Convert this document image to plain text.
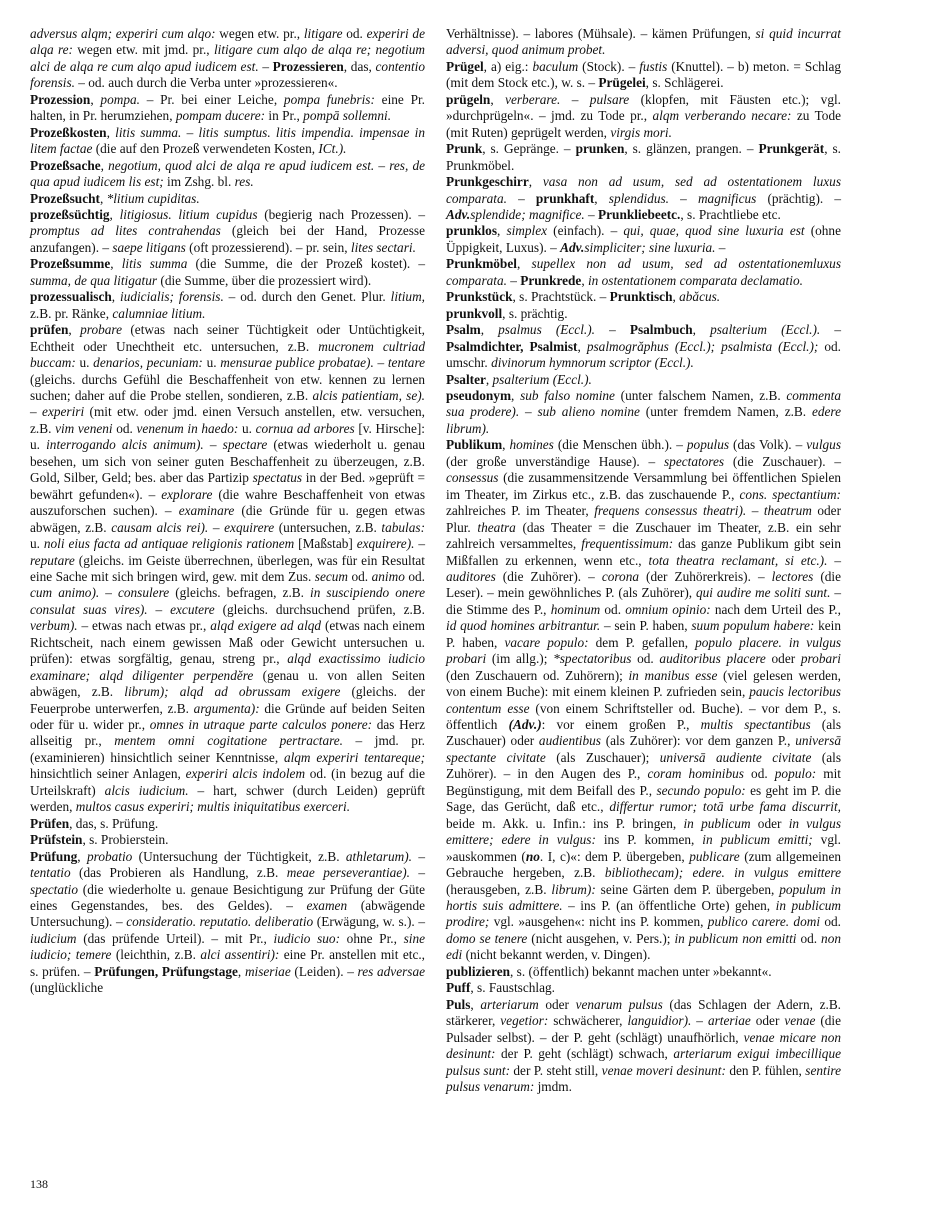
adversus alqm; experiri cum alqo: wegen etw. pr., litigare od. experiri de alqa re: wegen etw. mit jmd. pr., litigare cum alqo de alqa re; negotium alci de alqa re cum alqo apud iudicem est. – Prozessieren, das, contentio forensis. – od. auch durch die Verba unter »prozessieren«.

Prozession, pompa. – Pr. bei einer Leiche, pompa funebris: eine Pr. halten, in Pr. herumziehen, pompam ducere: in Pr., pompā sollemni.

Prozeßkosten, litis summa. – litis sumptus. litis impendia. impensae in litem factae (die auf den Prozeß verwendeten Kosten, ICt.).

Prozeßsache, negotium, quod alci de alqa re apud iudicem est. – res, de qua apud iudicem lis est; im Zshg. bl. res.

Prozeßsucht, *litium cupiditas.

prozeßsüchtig, litigiosus. litium cupidus (begierig nach Prozessen). – promptus ad lites contrahendas (gleich bei der Hand, Prozesse anzufangen). – saepe litigans (oft prozessierend). – pr. sein, lites sectari.

Prozeßsumme, litis summa (die Summe, die der Prozeß kostet). – summa, de qua litigatur (die Summe, über die prozessiert wird).

prozessualisch, iudicialis; forensis. – od. durch den Genet. Plur. litium, z.B. pr. Ränke, calumniae litium.

prüfen, probare (etwas nach seiner Tüchtigkeit oder Untüchtigkeit, Echtheit oder Unechtheit etc. untersuchen, z.B. mucronem cultriad buccam: u. denarios, pecuniam: u. mensurae publice probatae). – tentare (gleichs. durchs Gefühl die Beschaffenheit von etw. kennen zu lernen suchen; daher auf die Probe stellen, sondieren, z.B. alcis patientiam, se). – experiri (mit etw. oder jmd. einen Versuch anstellen, etw. versuchen, z.B. vim veneni od. venenum in haedo: u. cornua ad arbores [v. Hirsche]: u. interrogando alcis animum). – spectare (etwas wiederholt u. genau besehen, um sich von seiner guten Beschaffenheit zu überzeugen, z.B. Gold, Silber, Geld; bes. aber das Partizip spectatus in der Bed. »geprüft = bewährt gefunden«). – explorare (die wahre Beschaffenheit von etwas auszuforschen suchen). – examinare (die Gründe für u. gegen etwas abwägen, z.B. causam alcis rei). – exquirere (untersuchen, z.B. tabulas: u. noli eius facta ad antiquae religionis rationem [Maßstab] exquirere). – reputare (gleichs. im Geiste überrechnen, überlegen, was für ein Resultat eine Sache mit sich bringen wird, gew. mit dem Zus. secum od. animo od. cum animo). – consulere (gleichs. befragen, z.B. in suscipiendo onere consulat suas vires). – excutere (gleichs. durchsuchend prüfen, z.B. verbum). – etwas nach etwas pr., alqd exigere ad alqd (etwas nach einem Richtscheit, nach einem gewissen Maß oder Gewicht untersuchen u. prüfen): etwas sorgfältig, genau, streng pr., alqd exactissimo iudicio examinare; alqd diligenter perpendĕre (genau u. von allen Seiten abwägen, z.B. librum); alqd ad obrussam exigere (gleichs. der Feuerprobe unterwerfen, z.B. argumenta): die Gründe auf beiden Seiten oder für u. wider pr., omnes in utraque parte calculos ponere: das Herz allseitig pr., mentem omni cogitatione pertractare. – jmd. pr. (examinieren) hinsichtlich seiner Kenntnisse, alqm experiri tentareque; hinsichtlich seiner Anlagen, experiri alcis indolem od. (in bezug auf die Urteilskraft) alcis iudicium. – hart, schwer (durch Leiden) geprüft werden, multos casus experiri; multis iniquitatibus exerceri.

Prüfen, das, s. Prüfung.

Prüfstein, s. Probierstein.

Prüfung, probatio (Untersuchung der Tüchtigkeit, z.B. athletarum). – tentatio (das Probieren als Handlung, z.B. meae perseverantiae). – spectatio (die wiederholte u. genaue Besichtigung zur Prüfung der Güte eines Gegenstandes, bes. des Geldes). – examen (abwägende Untersuchung). – consideratio. reputatio. deliberatio (Erwägung, w. s.). – iudicium (das prüfende Urteil). – mit Pr., iudicio suo: ohne Pr., sine iudicio; temere (leichthin, z.B. alci assentiri): eine Pr. anstellen mit etc., s. prüfen. – Prüfungen, Prüfungstage, miseriae (Leiden). – res adversae (unglückliche

Verhältnisse). – labores (Mühsale). – kämen Prüfungen, si quid incurrat adversi, quod animum probet.

Prügel, a) eig.: baculum (Stock). – fustis (Knuttel). – b) meton. = Schlag (mit dem Stock etc.), w. s. – Prügelei, s. Schlägerei.

prügeln, verberare. – pulsare (klopfen, mit Fäusten etc.); vgl. »durchprügeln«. – jmd. zu Tode pr., alqm verberando necare: zu Tode (mit Ruten) geprügelt werden, virgis mori.

Prunk, s. Gepränge. – prunken, s. glänzen, prangen. – Prunkgerät, s. Prunkmöbel.

Prunkgeschirr, vasa non ad usum, sed ad ostentationem luxus comparata. – prunkhaft, splendidus. – magnificus (prächtig). – Adv.splendide; magnifice. – Prunkliebeetc., s. Prachtliebe etc.

prunklos, simplex (einfach). – qui, quae, quod sine luxuria est (ohne Üppigkeit, Luxus). – Adv.simpliciter; sine luxuria. –

Prunkmöbel, supellex non ad usum, sed ad ostentationemluxus comparata. – Prunkrede, in ostentationem comparata declamatio.

Prunkstück, s. Prachtstück. – Prunktisch, abăcus.

prunkvoll, s. prächtig.

Psalm, psalmus (Eccl.). – Psalmbuch, psalterium (Eccl.). – Psalmdichter, Psalmist, psalmogrăphus (Eccl.); psalmista (Eccl.); od. umschr. divinorum hymnorum scriptor (Eccl.).

Psalter, psalterium (Eccl.).

pseudonym, sub falso nomine (unter falschem Namen, z.B. commenta sua prodere). – sub alieno nomine (unter fremdem Namen, z.B. edere librum).

Publikum, homines (die Menschen übh.). – populus (das Volk). – vulgus (der große unverständige Hause). – spectatores (die Zuschauer). – consessus (die zusammensitzende Versammlung bei öffentlichen Spielen im Theater, im Zirkus etc., z.B. das zuschauende P., cons. spectantium: zahlreiches P. im Theater, frequens consessus theatri). – theatrum oder Plur. theatra (das Theater = die Zuschauer im Theater, z.B. ein sehr zahlreich versammeltes, frequentissimum: das ganze Publikum gibt sein Mißfallen zu erkennen, wenn etc., tota theatra reclamant, si etc.). – auditores (die Zuhörer). – corona (der Zuhörerkreis). – lectores (die Leser). – mein gewöhnliches P. (als Zuhörer), qui audire me soliti sunt. – die Stimme des P., hominum od. omnium opinio: nach dem Urteil des P., id quod homines arbitrantur. – sein P. haben, suum populum habere: kein P. haben, vacare populo: dem P. gefallen, populo placere. in vulgus probari (im allg.); *spectatoribus od. auditoribus placere oder probari (den Zuschauern od. Zuhörern); in manibus esse (viel gelesen werden, von einem Buche): mit einem kleinen P. zufrieden sein, paucis lectoribus contentum esse (von einem Schriftsteller od. Buche). – vor dem P., s. öffentlich (Adv.): vor einem großen P., multis spectantibus (als Zuschauer) oder audientibus (als Zuhörer): vor dem ganzen P., universā spectante civitate (als Zuschauer); universā audiente civitate (als Zuhörer). – in den Augen des P., coram hominibus od. populo: mit Begünstigung, mit dem Beifall des P., secundo populo: es geht im P. die Sage, das Gerücht, daß etc., differtur rumor; totā urbe fama discurrit, beide m. Akk. u. Infin.: ins P. bringen, in publicum oder in vulgus emittere; edere in vulgus: ins P. kommen, in publicum emitti; vgl. »auskommen (no. I, c)«: dem P. übergeben, publicare (zum allgemeinen Gebrauche hergeben, z.B. bibliothecam); edere. in vulgus emittere (herausgeben, z.B. librum): seine Gärten dem P. übergeben, populum in hortis suis admittere. – ins P. (an öffentliche Orte) gehen, in publicum prodire; vgl. »ausgehen«: nicht ins P. kommen, publico carere. domi od. domo se tenere (nicht ausgehen, v. Pers.); in publicum non emitti od. non edi (nicht bekannt werden, v. Dingen).

publizieren, s. (öffentlich) bekannt machen unter »bekannt«.

Puff, s. Faustschlag.

Puls, arteriarum oder venarum pulsus (das Schlagen der Adern, z.B. stärkerer, vegetior: schwächerer, languidior). – arteriae oder venae (die Pulsader selbst). – der P. geht (schlägt) unaufhörlich, venae micare non desinunt: der P. geht (schlägt) schwach, arteriarum exigui imbecillique pulsus sunt: der P. steht still, venae moveri desinunt: den P. fühlen, sentire pulsus venarum: jmdm.

138
